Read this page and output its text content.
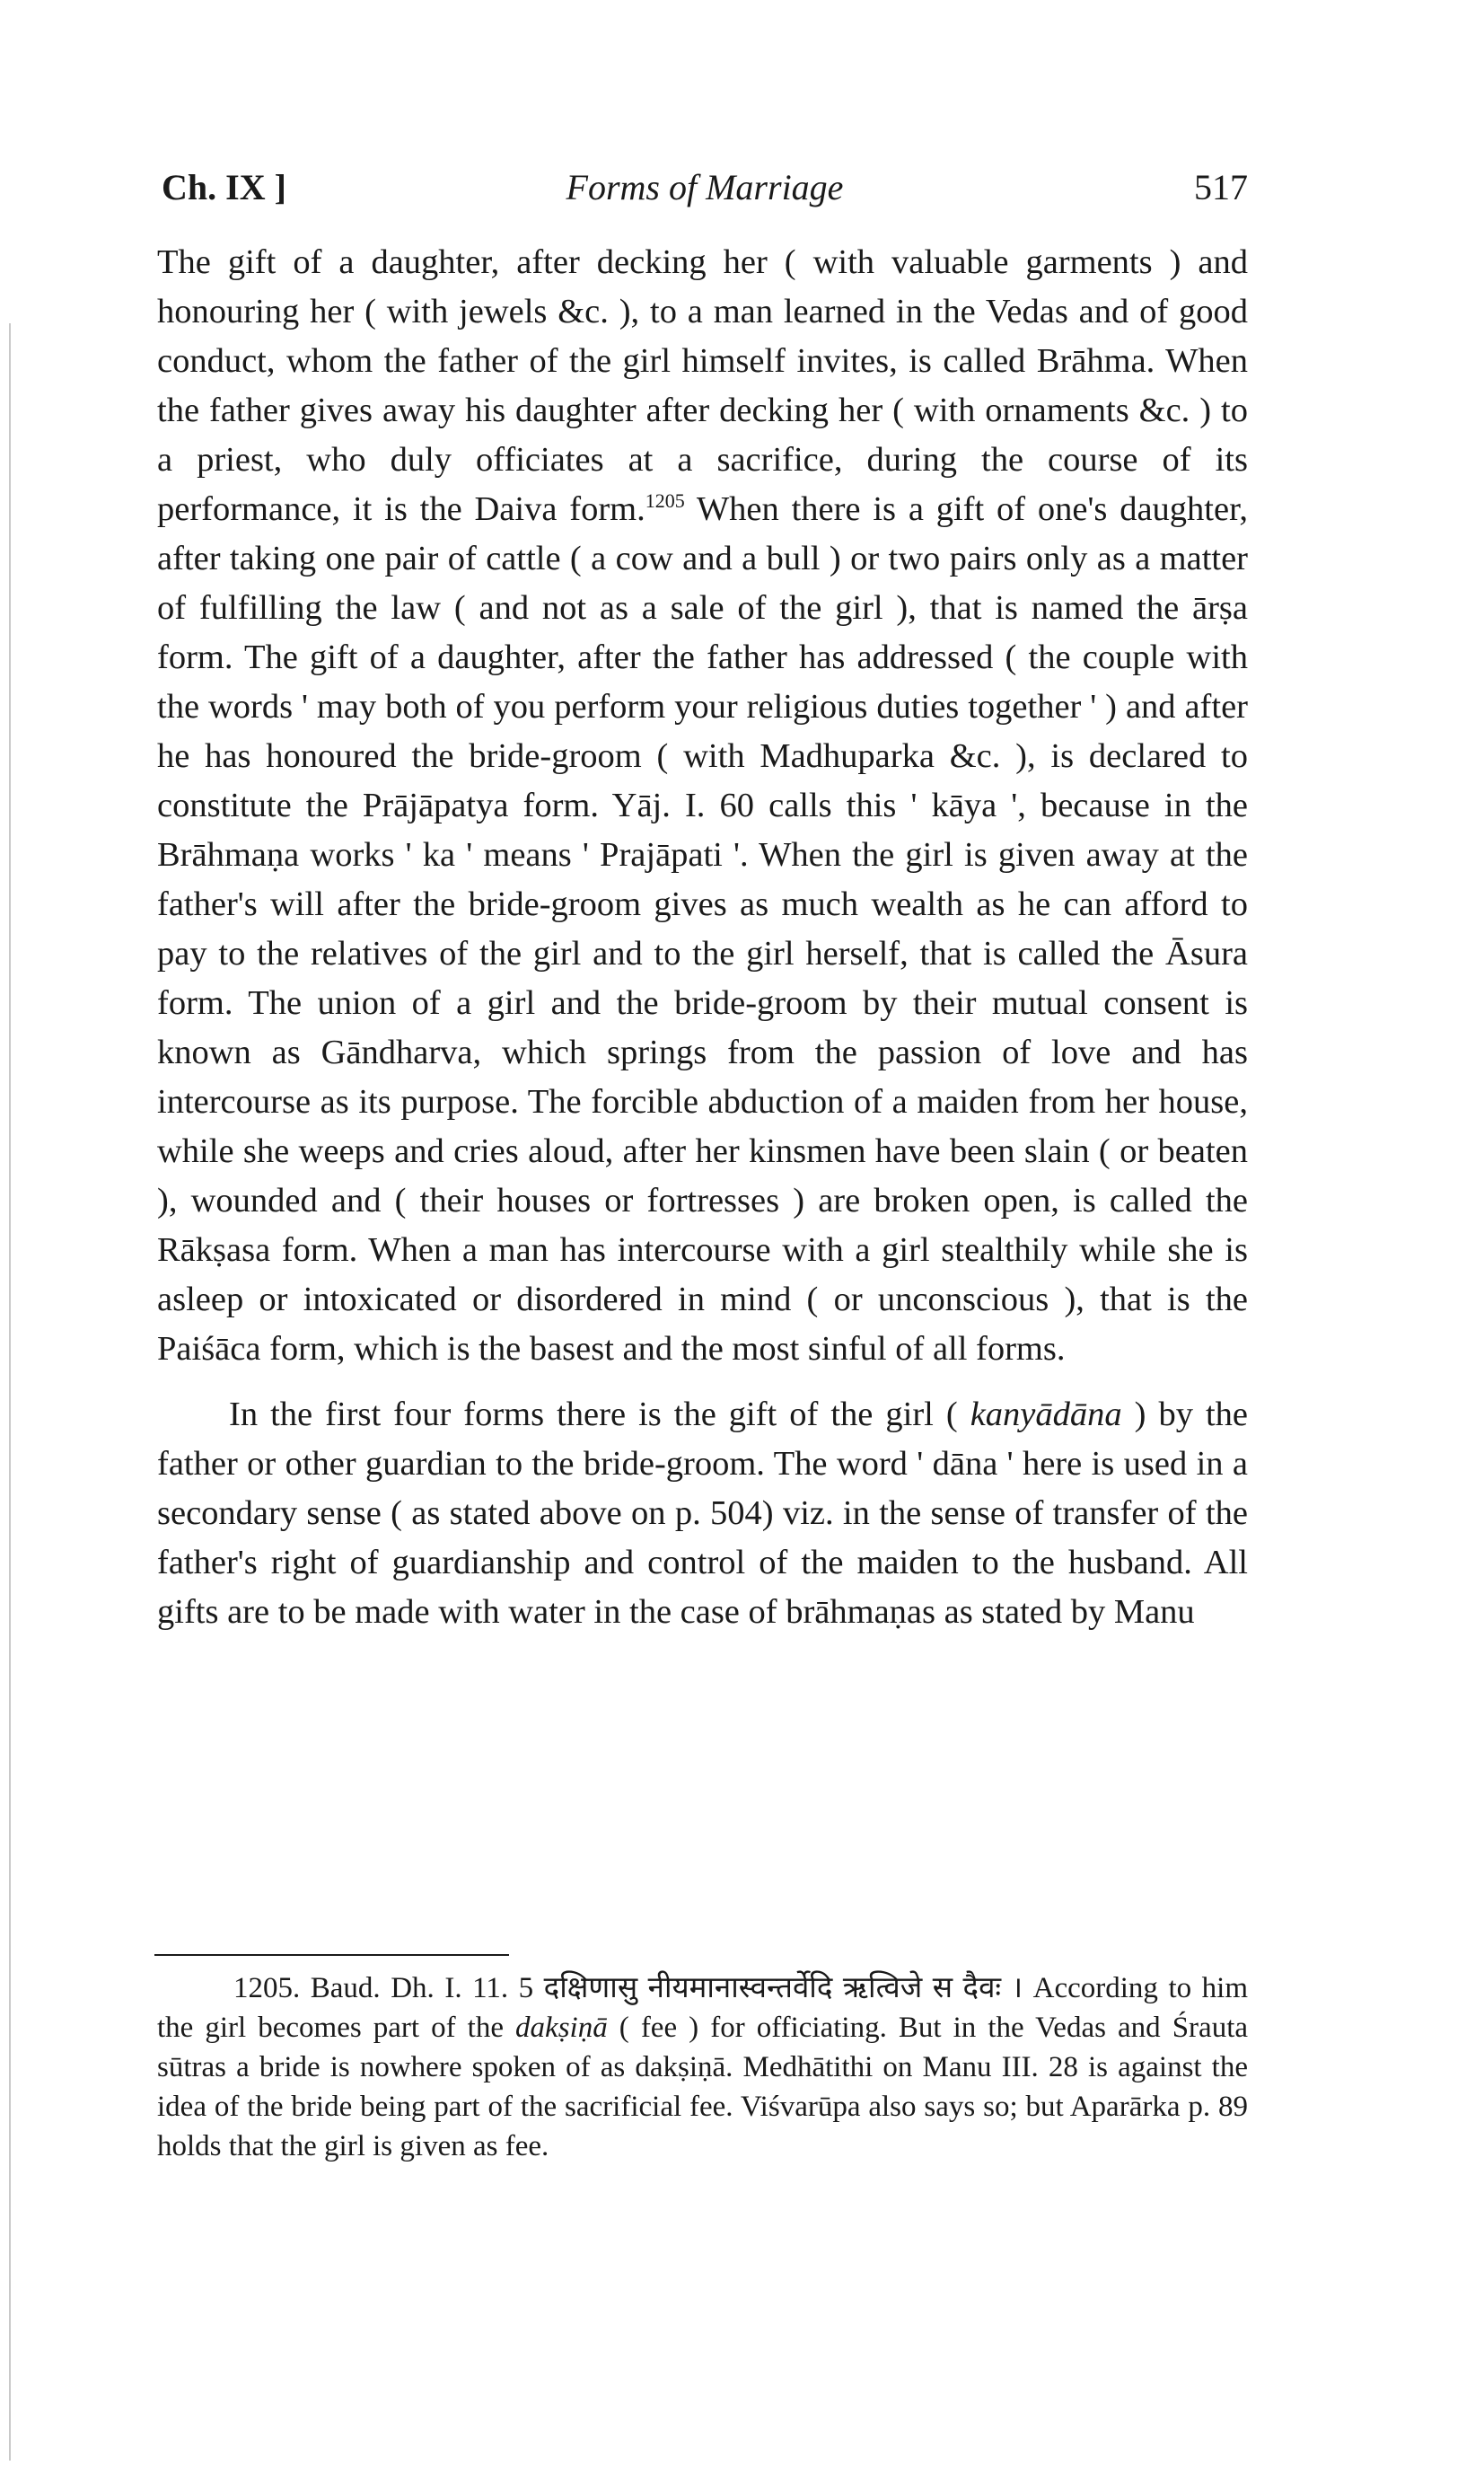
Ch. IX ]	Forms of Marriage	517

The gift of a daughter, after decking her ( with valuable garments ) and honouring her ( with jewels &c. ), to a man learned in the Vedas and of good conduct, whom the father of the girl himself invites, is called Brāhma. When the father gives away his daughter after decking her ( with ornaments &c. ) to a priest, who duly officiates at a sacrifice, during the course of its performance, it is the Daiva form.$^{1205}$ When there is a gift of one's daughter, after taking one pair of cattle ( a cow and a bull ) or two pairs only as a matter of fulfilling the law ( and not as a sale of the girl ), that is named the ārṣa form. The gift of a daughter, after the father has addressed ( the couple with the words ' may both of you perform your religious duties together ' ) and after he has honoured the bride-groom ( with Madhuparka &c. ), is declared to constitute the Prājāpatya form. Yāj. I. 60 calls this ' kāya ', because in the Brāhmaṇa works ' ka ' means ' Prajāpati '. When the girl is given away at the father's will after the bride-groom gives as much wealth as he can afford to pay to the relatives of the girl and to the girl herself, that is called the Āsura form. The union of a girl and the bride-groom by their mutual consent is known as Gāndharva, which springs from the passion of love and has intercourse as its purpose. The forcible abduction of a maiden from her house, while she weeps and cries aloud, after her kinsmen have been slain ( or beaten ), wounded and ( their houses or fortresses ) are broken open, is called the Rākṣasa form. When a man has intercourse with a girl stealthily while she is asleep or intoxicated or disordered in mind ( or unconscious ), that is the Paiśāca form, which is the basest and the most sinful of all forms.

In the first four forms there is the gift of the girl ( kanyādāna ) by the father or other guardian to the bride-groom. The word ' dāna ' here is used in a secondary sense ( as stated above on p. 504) viz. in the sense of transfer of the father's right of guardianship and control of the maiden to the husband. All gifts are to be made with water in the case of brāhmaṇas as stated by Manu

1205. Baud. Dh. I. 11. 5 दक्षिणासु नीयमानास्वन्तर्वेदि ऋत्विजे स दैवः । According to him the girl becomes part of the dakṣiṇā ( fee ) for officiating. But in the Vedas and Śrauta sūtras a bride is nowhere spoken of as dakṣiṇā. Medhātithi on Manu III. 28 is against the idea of the bride being part of the sacrificial fee. Viśvarūpa also says so; but Aparārka p. 89 holds that the girl is given as fee.
